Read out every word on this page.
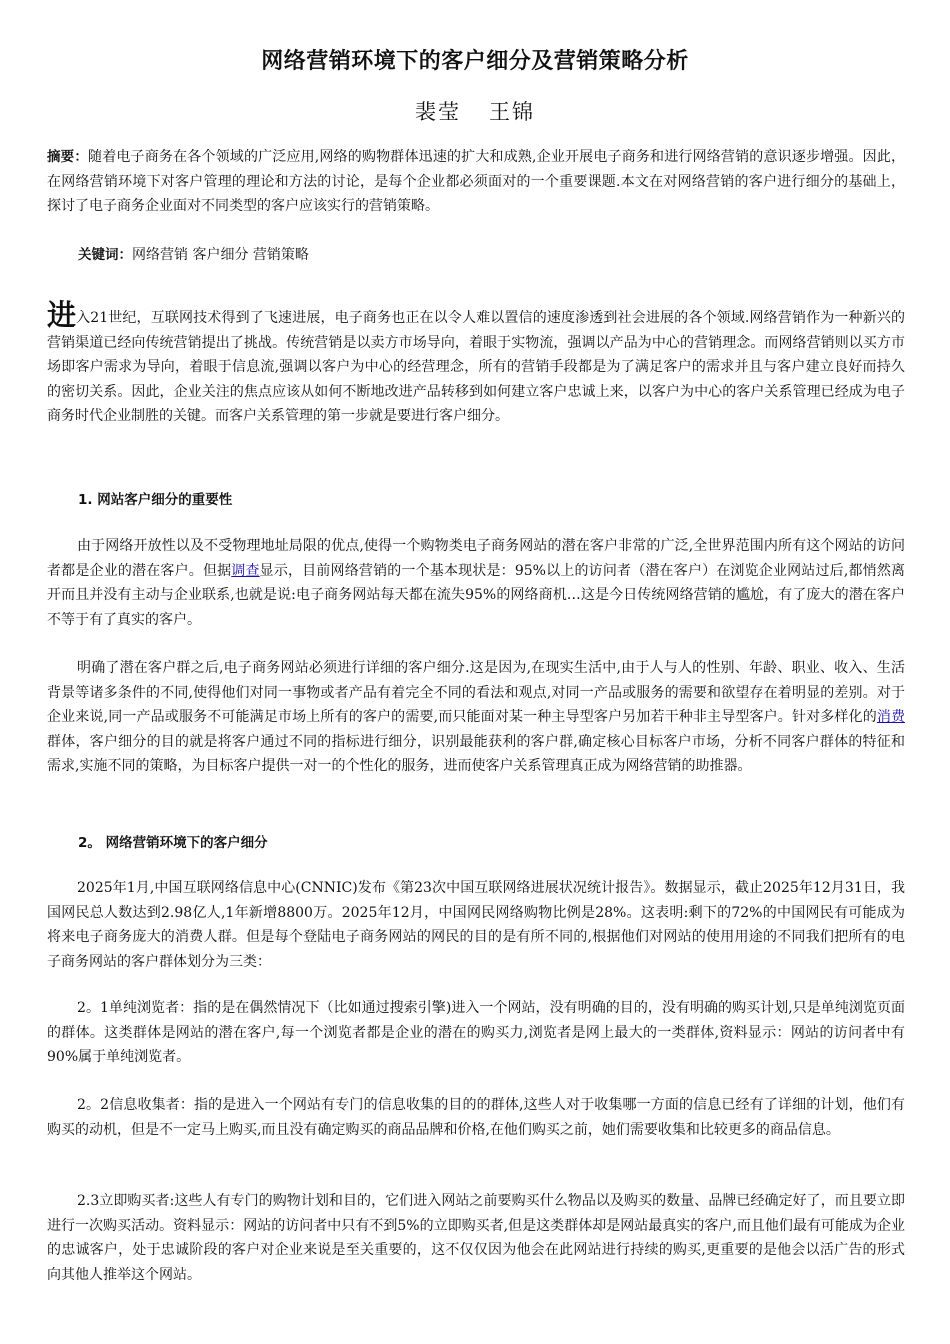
网络营销环境下的客户细分及营销策略分析
裴莹 王锦

摘要：随着电子商务在各个领域的广泛应用,网络的购物群体迅速的扩大和成熟,企业开展电子商务和进行网络营销的意识逐步增强。因此，在网络营销环境下对客户管理的理论和方法的讨论，是每个企业都必须面对的一个重要课题.本文在对网络营销的客户进行细分的基础上，探讨了电子商务企业面对不同类型的客户应该实行的营销策略。

关键词：网络营销 客户细分 营销策略

进入21世纪，互联网技术得到了飞速进展，电子商务也正在以令人难以置信的速度渗透到社会进展的各个领域.网络营销作为一种新兴的营销渠道已经向传统营销提出了挑战。传统营销是以卖方市场导向，着眼于实物流，强调以产品为中心的营销理念。而网络营销则以买方市场即客户需求为导向，着眼于信息流,强调以客户为中心的经营理念，所有的营销手段都是为了满足客户的需求并且与客户建立良好而持久的密切关系。因此，企业关注的焦点应该从如何不断地改进产品转移到如何建立客户忠诚上来，以客户为中心的客户关系管理已经成为电子商务时代企业制胜的关键。而客户关系管理的第一步就是要进行客户细分。

1. 网站客户细分的重要性

由于网络开放性以及不受物理地址局限的优点,使得一个购物类电子商务网站的潜在客户非常的广泛,全世界范围内所有这个网站的访问者都是企业的潜在客户。但据调查显示，目前网络营销的一个基本现状是：95%以上的访问者（潜在客户）在浏览企业网站过后,都悄然离开而且并没有主动与企业联系,也就是说:电子商务网站每天都在流失95%的网络商机…这是今日传统网络营销的尴尬，有了庞大的潜在客户不等于有了真实的客户。

明确了潜在客户群之后,电子商务网站必须进行详细的客户细分.这是因为,在现实生活中,由于人与人的性别、年龄、职业、收入、生活背景等诸多条件的不同,使得他们对同一事物或者产品有着完全不同的看法和观点,对同一产品或服务的需要和欲望存在着明显的差别。对于企业来说,同一产品或服务不可能满足市场上所有的客户的需要,而只能面对某一种主导型客户另加若干种非主导型客户。针对多样化的消费群体，客户细分的目的就是将客户通过不同的指标进行细分，识别最能获利的客户群,确定核心目标客户市场，分析不同客户群体的特征和需求,实施不同的策略，为目标客户提供一对一的个性化的服务，进而使客户关系管理真正成为网络营销的助推器。

2。 网络营销环境下的客户细分

2025年1月,中国互联网络信息中心(CNNIC)发布《第23次中国互联网络进展状况统计报告》。数据显示，截止2025年12月31日，我国网民总人数达到2.98亿人,1年新增8800万。2025年12月，中国网民网络购物比例是28%。这表明:剩下的72%的中国网民有可能成为将来电子商务庞大的消费人群。但是每个登陆电子商务网站的网民的目的是有所不同的,根据他们对网站的使用用途的不同我们把所有的电子商务网站的客户群体划分为三类：

2。1单纯浏览者：指的是在偶然情况下（比如通过搜索引擎)进入一个网站，没有明确的目的，没有明确的购买计划,只是单纯浏览页面的群体。这类群体是网站的潜在客户,每一个浏览者都是企业的潜在的购买力,浏览者是网上最大的一类群体,资料显示：网站的访问者中有90%属于单纯浏览者。

2。2信息收集者：指的是进入一个网站有专门的信息收集的目的的群体,这些人对于收集哪一方面的信息已经有了详细的计划，他们有购买的动机，但是不一定马上购买,而且没有确定购买的商品品牌和价格,在他们购买之前，她们需要收集和比较更多的商品信息。

2.3立即购买者:这些人有专门的购物计划和目的，它们进入网站之前要购买什么物品以及购买的数量、品牌已经确定好了，而且要立即进行一次购买活动。资料显示：网站的访问者中只有不到5%的立即购买者,但是这类群体却是网站最真实的客户,而且他们最有可能成为企业的忠诚客户，处于忠诚阶段的客户对企业来说是至关重要的，这不仅仅因为他会在此网站进行持续的购买,更重要的是他会以活广告的形式向其他人推举这个网站。
